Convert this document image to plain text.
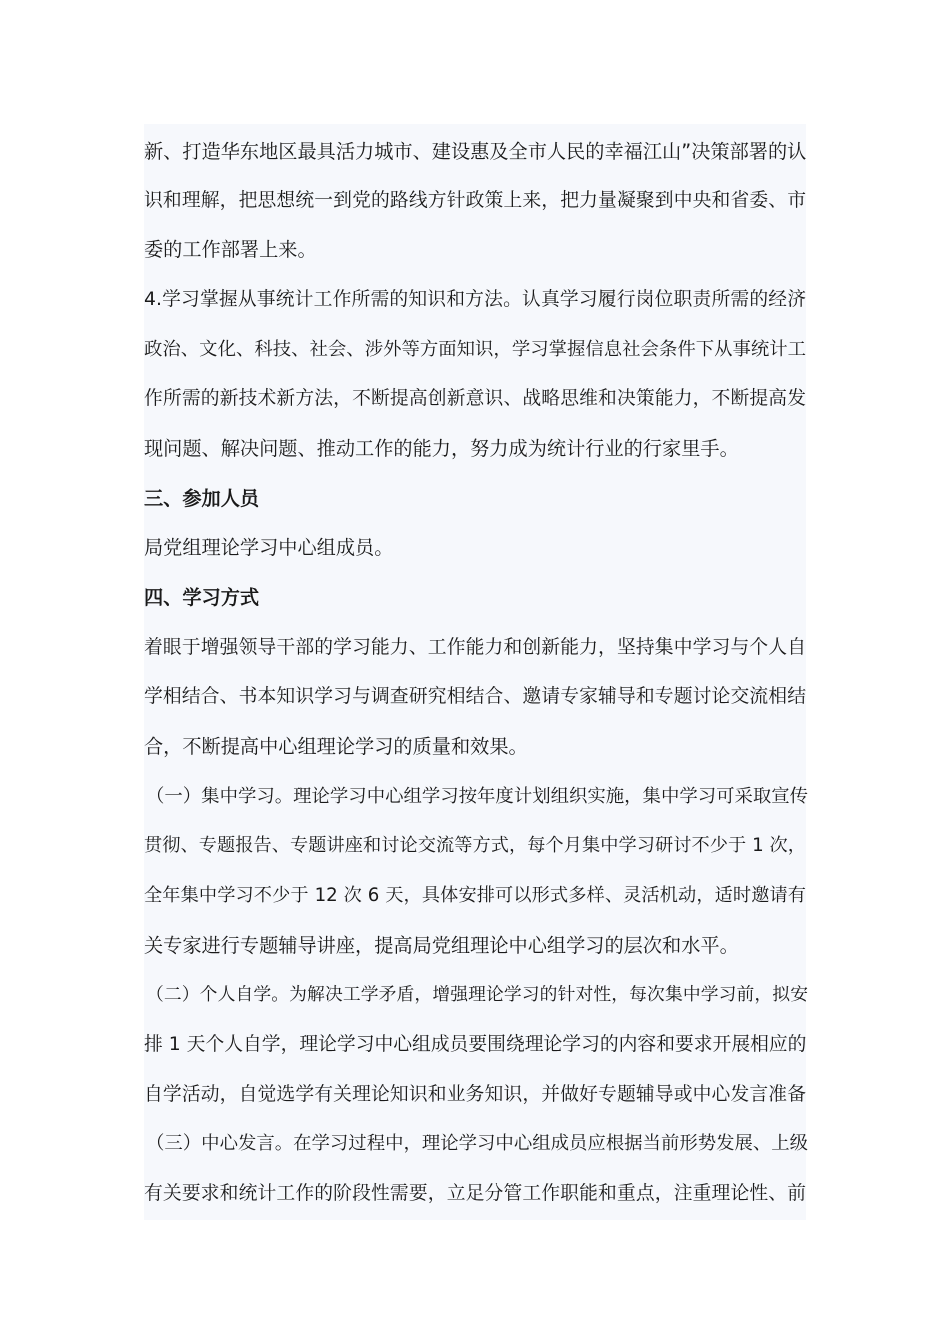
新、打造华东地区最具活力城市、建设惠及全市人民的幸福江山”决策部署的认
识和理解，把思想统一到党的路线方针政策上来，把力量凝聚到中央和省委、市
委的工作部署上来。
4.学习掌握从事统计工作所需的知识和方法。认真学习履行岗位职责所需的经济
政治、文化、科技、社会、涉外等方面知识，学习掌握信息社会条件下从事统计工
作所需的新技术新方法，不断提高创新意识、战略思维和决策能力，不断提高发
现问题、解决问题、推动工作的能力，努力成为统计行业的行家里手。
三、参加人员
局党组理论学习中心组成员。
四、学习方式
着眼于增强领导干部的学习能力、工作能力和创新能力，坚持集中学习与个人自
学相结合、书本知识学习与调查研究相结合、邀请专家辅导和专题讨论交流相结
合，不断提高中心组理论学习的质量和效果。
（一）集中学习。理论学习中心组学习按年度计划组织实施，集中学习可采取宣传
贯彻、专题报告、专题讲座和讨论交流等方式，每个月集中学习研讨不少于 1 次，
全年集中学习不少于 12 次 6 天，具体安排可以形式多样、灵活机动，适时邀请有
关专家进行专题辅导讲座，提高局党组理论中心组学习的层次和水平。
（二）个人自学。为解决工学矛盾，增强理论学习的针对性，每次集中学习前，拟安
排 1 天个人自学，理论学习中心组成员要围绕理论学习的内容和要求开展相应的
自学活动，自觉选学有关理论知识和业务知识，并做好专题辅导或中心发言准备
（三）中心发言。在学习过程中，理论学习中心组成员应根据当前形势发展、上级
有关要求和统计工作的阶段性需要，立足分管工作职能和重点，注重理论性、前
